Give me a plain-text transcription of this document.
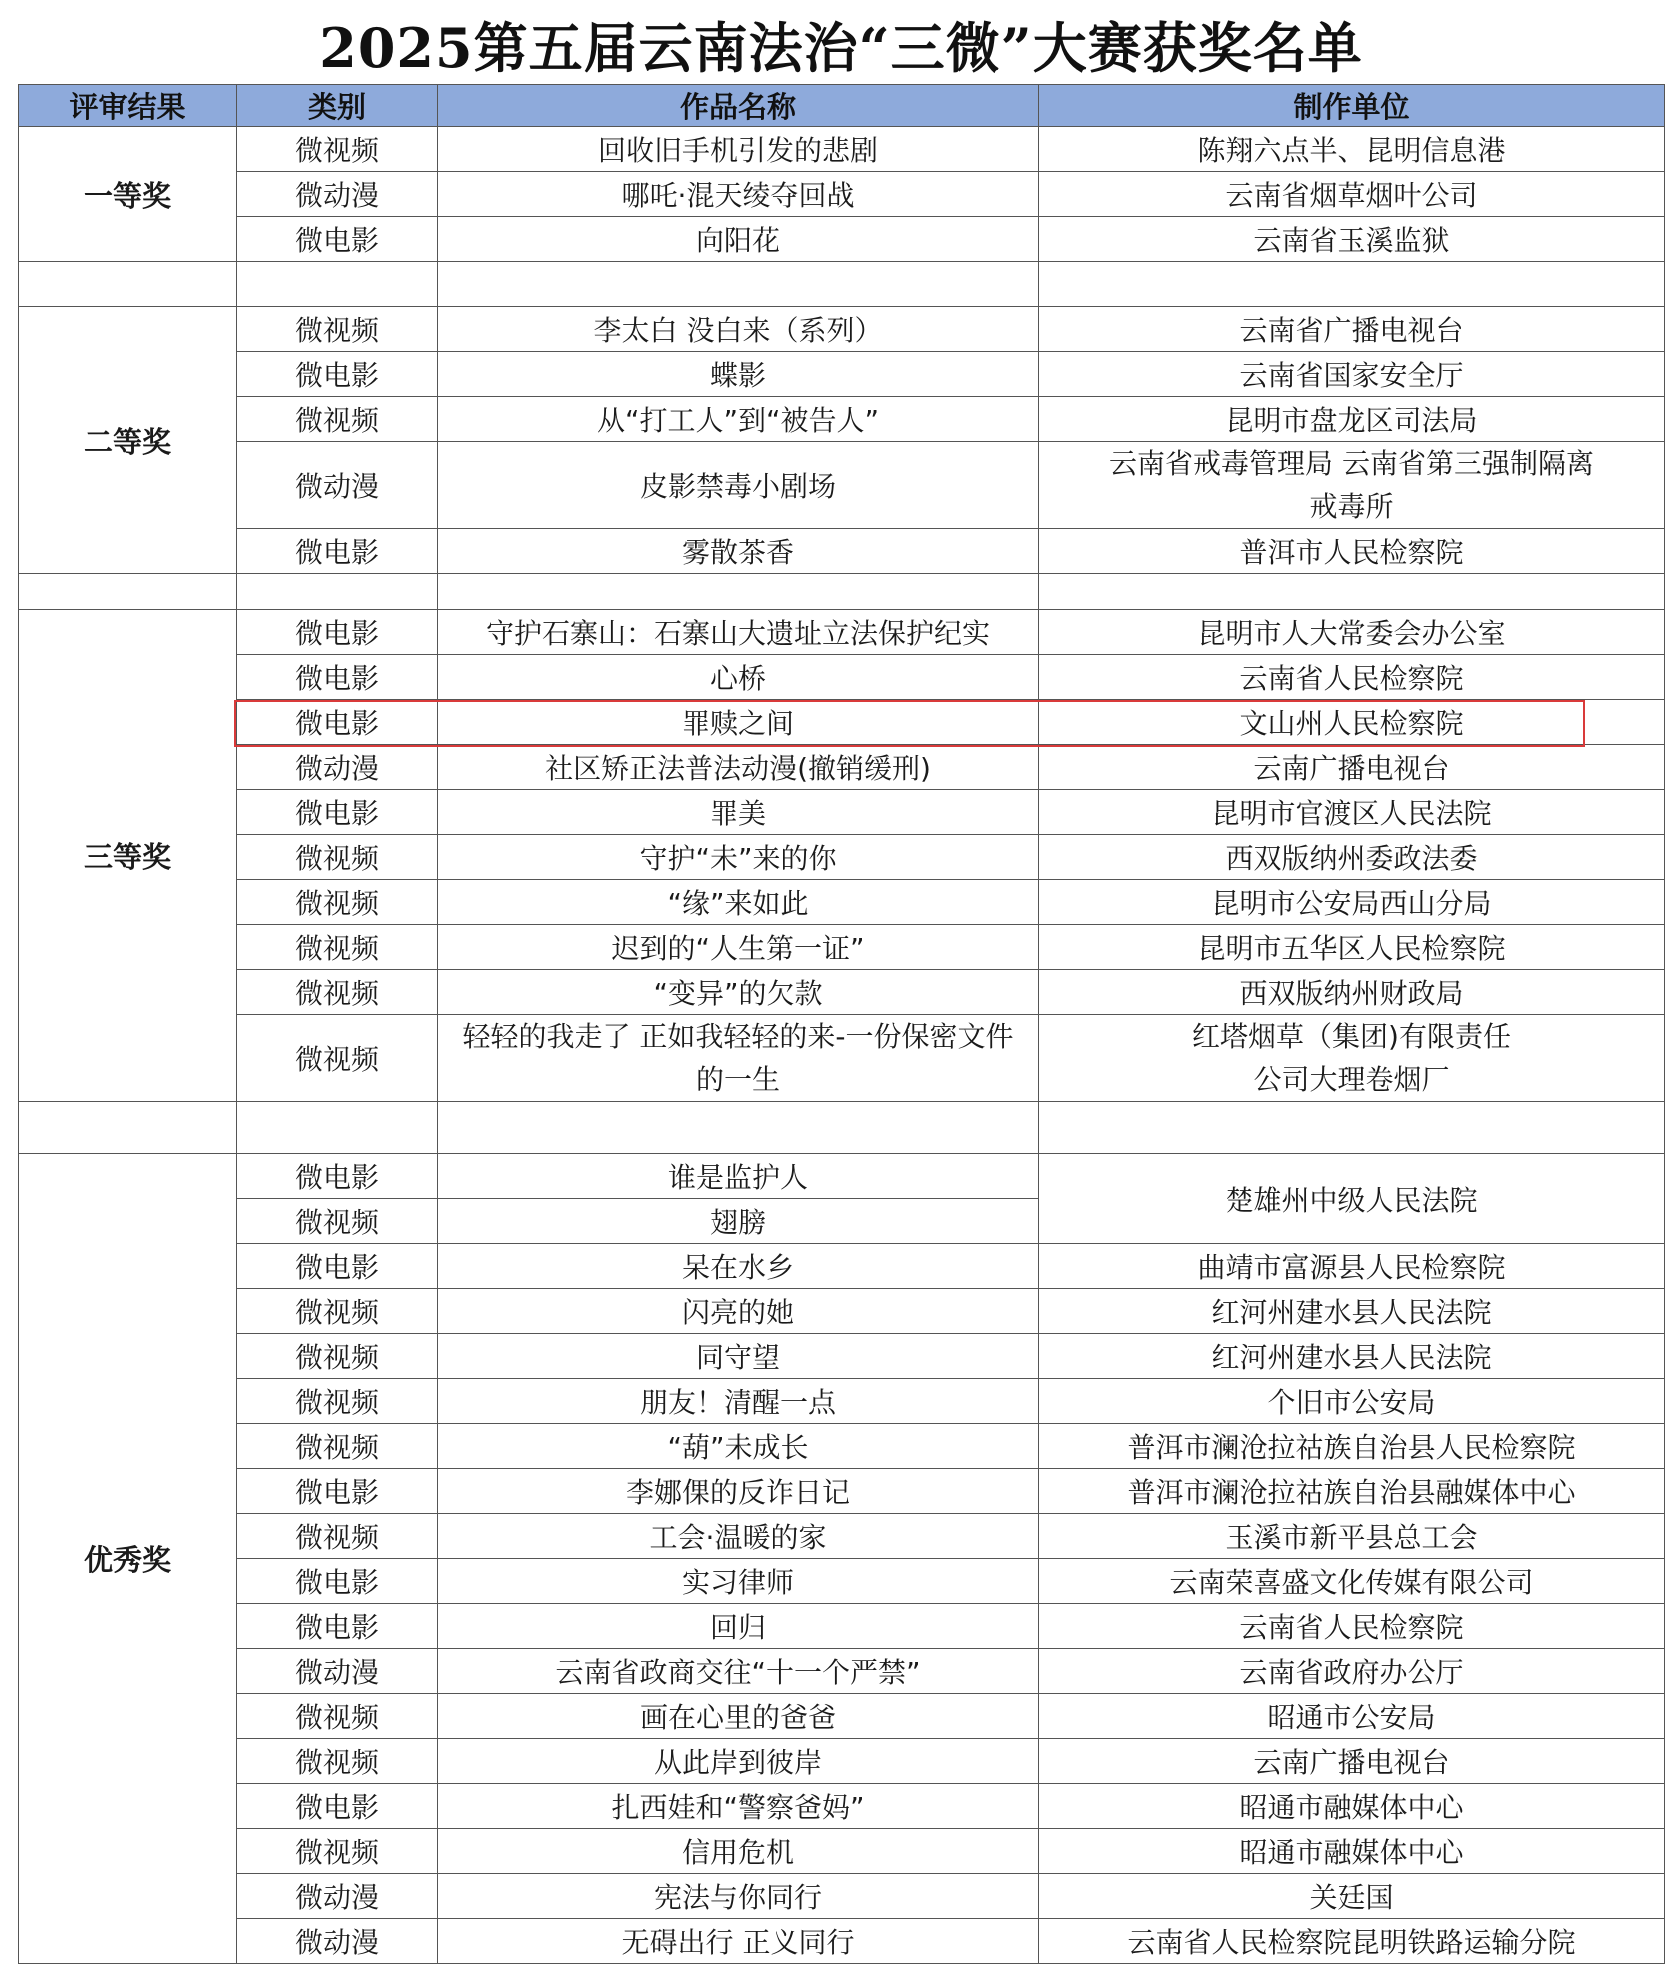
2025第五届云南法治“三微”大赛获奖名单
评审结果	类别	作品名称	制作单位
一等奖	微视频	回收旧手机引发的悲剧	陈翔六点半、昆明信息港
	微动漫	哪吒·混天绫夺回战	云南省烟草烟叶公司
	微电影	向阳花	云南省玉溪监狱

二等奖	微视频	李太白 没白来（系列）	云南省广播电视台
	微电影	蝶影	云南省国家安全厅
	微视频	从“打工人”到“被告人”	昆明市盘龙区司法局
	微动漫	皮影禁毒小剧场	云南省戒毒管理局 云南省第三强制隔离戒毒所
	微电影	雾散茶香	普洱市人民检察院

三等奖	微电影	守护石寨山：石寨山大遗址立法保护纪实	昆明市人大常委会办公室
	微电影	心桥	云南省人民检察院
	微电影	罪赎之间	文山州人民检察院
	微动漫	社区矫正法普法动漫(撤销缓刑)	云南广播电视台
	微电影	罪美	昆明市官渡区人民法院
	微视频	守护“未”来的你	西双版纳州委政法委
	微视频	“缘”来如此	昆明市公安局西山分局
	微视频	迟到的“人生第一证”	昆明市五华区人民检察院
	微视频	“变异”的欠款	西双版纳州财政局
	微视频	轻轻的我走了 正如我轻轻的来-一份保密文件的一生	红塔烟草（集团)有限责任公司大理卷烟厂

优秀奖	微电影	谁是监护人	楚雄州中级人民法院
	微视频	翅膀	
	微电影	呆在水乡	曲靖市富源县人民检察院
	微视频	闪亮的她	红河州建水县人民法院
	微视频	同守望	红河州建水县人民法院
	微视频	朋友！清醒一点	个旧市公安局
	微视频	“葫”未成长	普洱市澜沧拉祜族自治县人民检察院
	微电影	李娜倮的反诈日记	普洱市澜沧拉祜族自治县融媒体中心
	微视频	工会·温暖的家	玉溪市新平县总工会
	微电影	实习律师	云南荣喜盛文化传媒有限公司
	微电影	回归	云南省人民检察院
	微动漫	云南省政商交往“十一个严禁”	云南省政府办公厅
	微视频	画在心里的爸爸	昭通市公安局
	微视频	从此岸到彼岸	云南广播电视台
	微电影	扎西娃和“警察爸妈”	昭通市融媒体中心
	微视频	信用危机	昭通市融媒体中心
	微动漫	宪法与你同行	关廷国
	微动漫	无碍出行 正义同行	云南省人民检察院昆明铁路运输分院
